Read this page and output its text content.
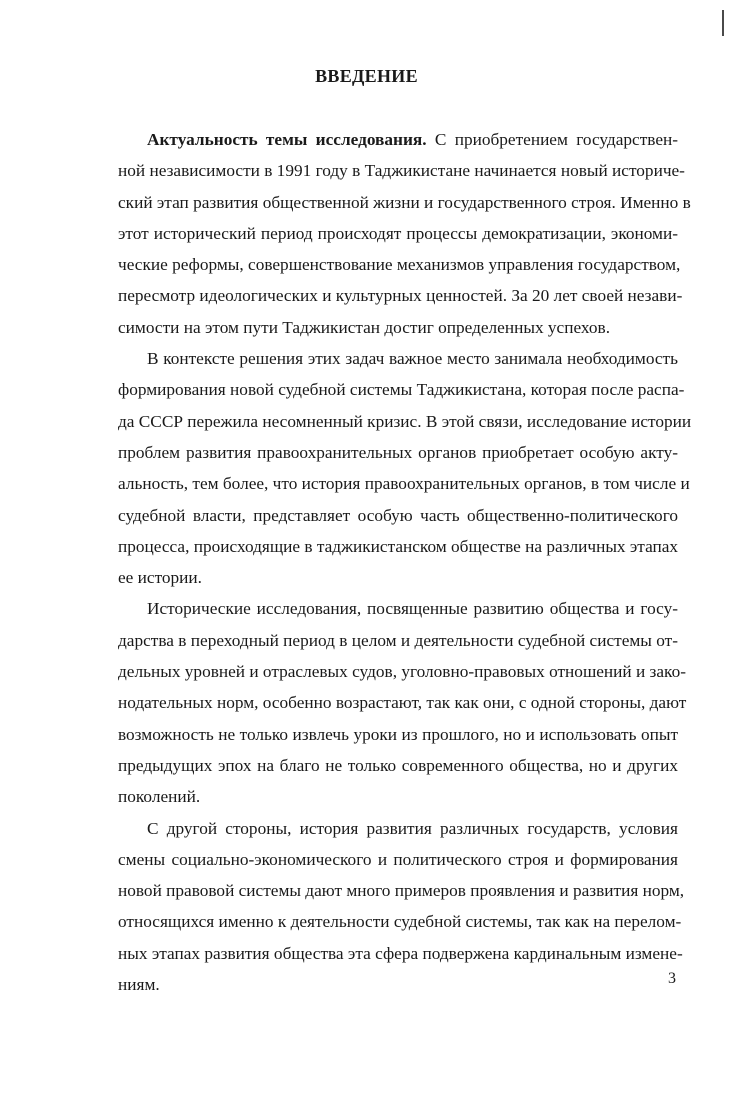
ВВЕДЕНИЕ

Актуальность темы исследования. С приобретением государствен-
ной независимости в 1991 году в Таджикистане начинается новый историче-
ский этап развития общественной жизни и государственного строя. Именно в
этот исторический период происходят процессы демократизации, экономи-
ческие реформы, совершенствование механизмов управления государством,
пересмотр идеологических и культурных ценностей. За 20 лет своей незави-
симости на этом пути Таджикистан достиг определенных успехов.

В контексте решения этих задач важное место занимала необходимость
формирования новой судебной системы Таджикистана, которая после распа-
да СССР пережила несомненный кризис. В этой связи, исследование истории
проблем развития правоохранительных органов приобретает особую акту-
альность, тем более, что история правоохранительных органов, в том числе и
судебной власти, представляет особую часть общественно-политического
процесса, происходящие в таджикистанском обществе на различных этапах
ее истории.

Исторические исследования, посвященные развитию общества и госу-
дарства в переходный период в целом и деятельности судебной системы от-
дельных уровней и отраслевых судов, уголовно-правовых отношений и зако-
нодательных норм, особенно возрастают, так как они, с одной стороны, дают
возможность не только извлечь уроки из прошлого, но и использовать опыт
предыдущих эпох на благо не только современного общества, но и других
поколений.

С другой стороны, история развития различных государств, условия
смены социально-экономического и политического строя и формирования
новой правовой системы дают много примеров проявления и развития норм,
относящихся именно к деятельности судебной системы, так как на перелом-
ных этапах развития общества эта сфера подвержена кардинальным измене-
ниям.	3
